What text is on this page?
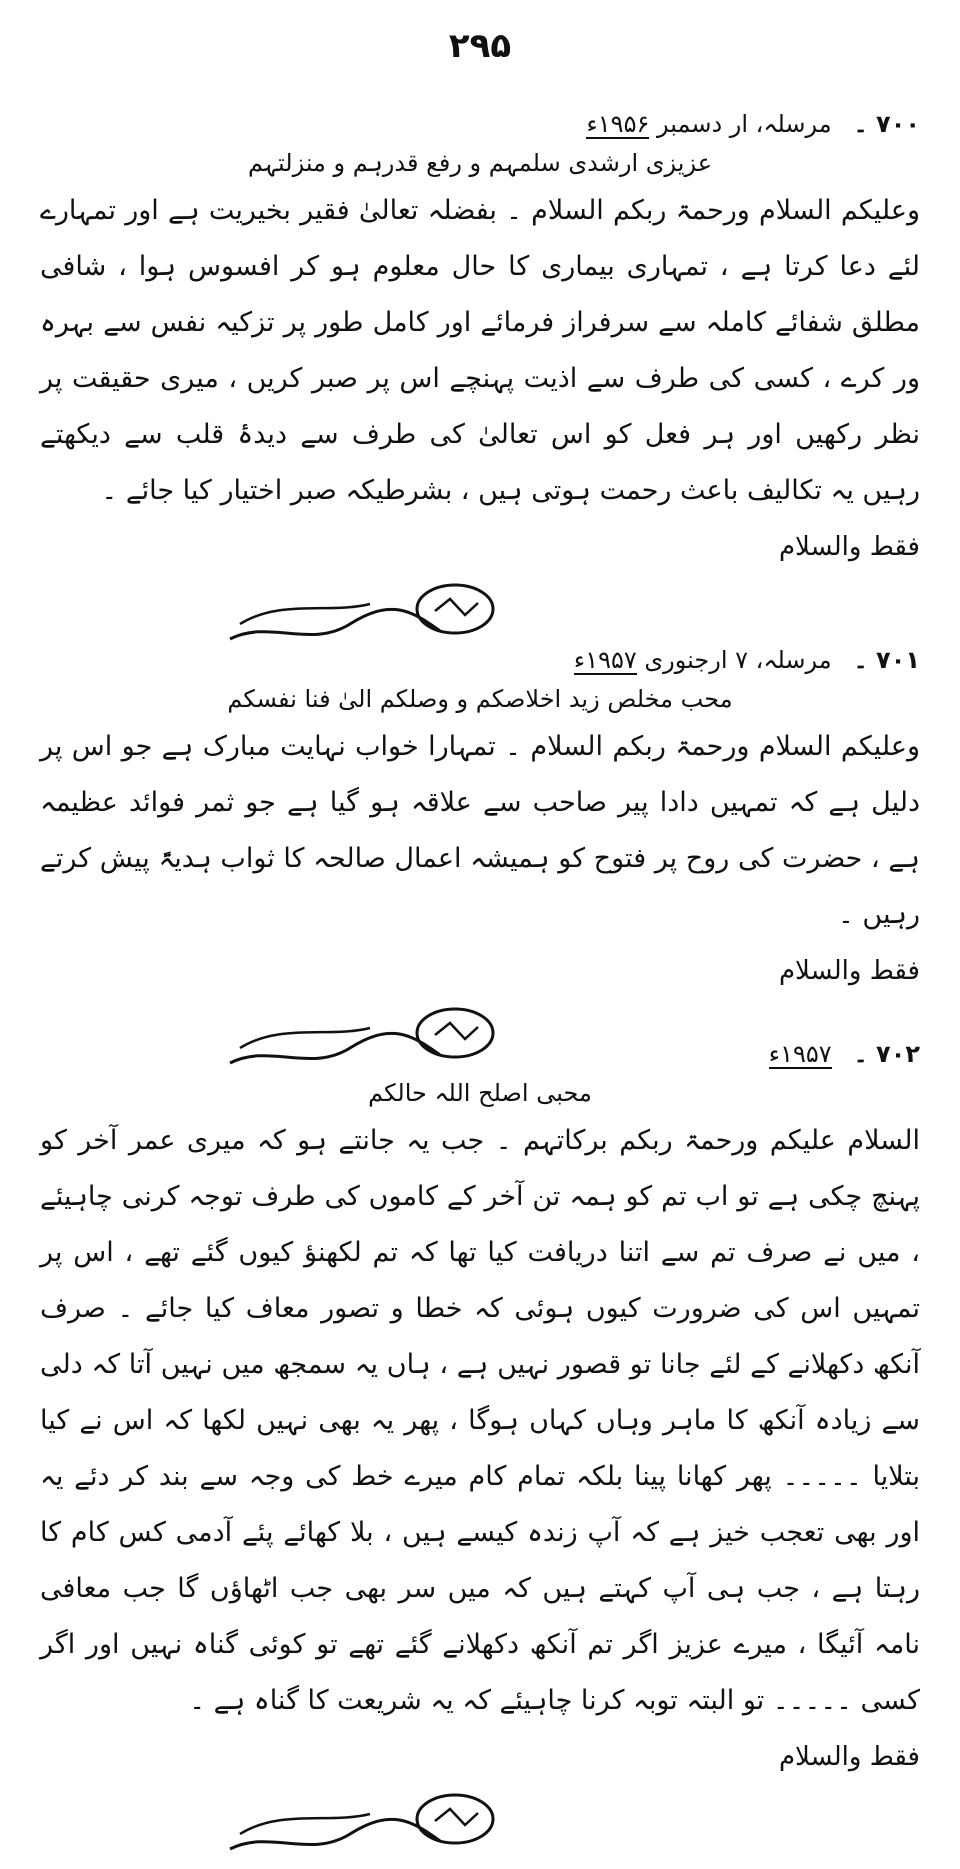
۲۹۵
۷۰۰ ۔
مرسلہ، ار دسمبر ۱۹۵۶ء
عزیزی ارشدی سلمہم و رفع قدرہم و منزلتہم

وعلیکم السلام ورحمۃ ربکم السلام ۔ بفضلہ تعالیٰ فقیر بخیریت ہے اور تمہارے لئے دعا کرتا ہے ، تمہاری بیماری کا حال معلوم ہو کر افسوس ہوا ، شافی مطلق شفائے کاملہ سے سرفراز فرمائے اور کامل طور پر تزکیہ نفس سے بہرہ ور کرے ، کسی کی طرف سے اذیت پہنچے اس پر صبر کریں ، میری حقیقت پر نظر رکھیں اور ہر فعل کو اس تعالیٰ کی طرف سے دیدۂ قلب سے دیکھتے رہیں یہ تکالیف باعث رحمت ہوتی ہیں ، بشرطیکہ صبر اختیار کیا جائے ۔

فقط والسلام
۷۰۱ ۔
مرسلہ، ۷ ارجنوری ۱۹۵۷ء
محب مخلص زید اخلاصکم و وصلکم الیٰ فنا نفسکم

وعلیکم السلام ورحمۃ ربکم السلام ۔ تمہارا خواب نہایت مبارک ہے جو اس پر دلیل ہے کہ تمہیں دادا پیر صاحب سے علاقہ ہو گیا ہے جو ثمر فوائد عظیمہ ہے ، حضرت کی روح پر فتوح کو ہمیشہ اعمال صالحہ کا ثواب ہدیۃً پیش کرتے رہیں ۔

فقط والسلام
۷۰۲ ۔
۱۹۵۷ء
محبی اصلح اللہ حالکم

السلام علیکم ورحمۃ ربکم برکاتہم ۔ جب یہ جانتے ہو کہ میری عمر آخر کو پہنچ چکی ہے تو اب تم کو ہمہ تن آخر کے کاموں کی طرف توجہ کرنی چاہیئے ، میں نے صرف تم سے اتنا دریافت کیا تھا کہ تم لکھنؤ کیوں گئے تھے ، اس پر تمہیں اس کی ضرورت کیوں ہوئی کہ خطا و تصور معاف کیا جائے ۔ صرف آنکھ دکھلانے کے لئے جانا تو قصور نہیں ہے ، ہاں یہ سمجھ میں نہیں آتا کہ دلی سے زیادہ آنکھ کا ماہر وہاں کہاں ہوگا ، پھر یہ بھی نہیں لکھا کہ اس نے کیا بتلایا ۔۔۔۔۔ پھر کھانا پینا بلکہ تمام کام میرے خط کی وجہ سے بند کر دئے یہ اور بھی تعجب خیز ہے کہ آپ زندہ کیسے ہیں ، بلا کھائے پئے آدمی کس کام کا رہتا ہے ، جب ہی آپ کہتے ہیں کہ میں سر بھی جب اٹھاؤں گا جب معافی نامہ آئیگا ، میرے عزیز اگر تم آنکھ دکھلانے گئے تھے تو کوئی گناہ نہیں اور اگر کسی ۔۔۔۔۔ تو البتہ توبہ کرنا چاہیئے کہ یہ شریعت کا گناہ ہے ۔

فقط والسلام
